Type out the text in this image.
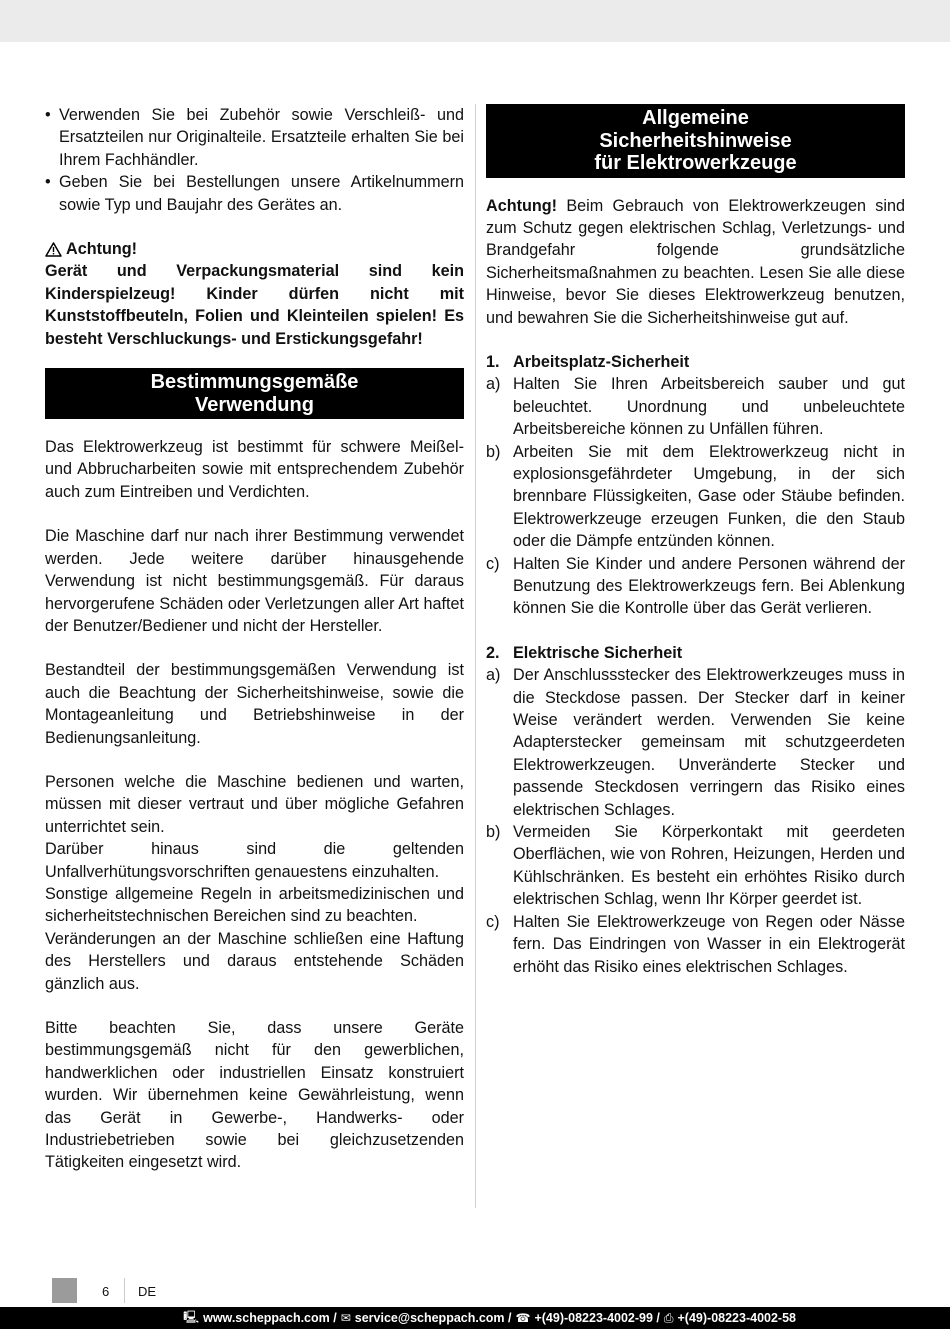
• Verwenden Sie bei Zubehör sowie Verschleiß- und Ersatzteilen nur Originalteile. Ersatzteile erhalten Sie bei Ihrem Fachhändler.
• Geben Sie bei Bestellungen unsere Artikelnummern sowie Typ und Baujahr des Gerätes an.
Achtung!
Gerät und Verpackungsmaterial sind kein Kinderspielzeug! Kinder dürfen nicht mit Kunststoffbeuteln, Folien und Kleinteilen spielen! Es besteht Verschluckungs- und Erstickungsgefahr!
Bestimmungsgemäße
Verwendung

Das Elektrowerkzeug ist bestimmt für schwere Meißel- und Abbrucharbeiten sowie mit entsprechendem Zubehör auch zum Eintreiben und Verdichten.

Die Maschine darf nur nach ihrer Bestimmung verwendet werden. Jede weitere darüber hinausgehende Verwendung ist nicht bestimmungsgemäß. Für daraus hervorgerufene Schäden oder Verletzungen aller Art haftet der Benutzer/Bediener und nicht der Hersteller.

Bestandteil der bestimmungsgemäßen Verwendung ist auch die Beachtung der Sicherheitshinweise, sowie die Montageanleitung und Betriebshinweise in der Bedienungsanleitung.

Personen welche die Maschine bedienen und warten, müssen mit dieser vertraut und über mögliche Gefahren unterrichtet sein.

Darüber hinaus sind die geltenden Unfallverhütungsvorschriften genauestens einzuhalten.

Sonstige allgemeine Regeln in arbeitsmedizinischen und sicherheitstechnischen Bereichen sind zu beachten.

Veränderungen an der Maschine schließen eine Haftung des Herstellers und daraus entstehende Schäden gänzlich aus.

Bitte beachten Sie, dass unsere Geräte bestimmungsgemäß nicht für den gewerblichen, handwerklichen oder industriellen Einsatz konstruiert wurden. Wir übernehmen keine Gewährleistung, wenn das Gerät in Gewerbe-, Handwerks- oder Industriebetrieben sowie bei gleichzusetzenden Tätigkeiten eingesetzt wird.

Allgemeine
Sicherheitshinweise
für Elektrowerkzeuge

Achtung! Beim Gebrauch von Elektrowerkzeugen sind zum Schutz gegen elektrischen Schlag, Verletzungs- und Brandgefahr folgende grundsätzliche Sicherheitsmaßnahmen zu beachten. Lesen Sie alle diese Hinweise, bevor Sie dieses Elektrowerkzeug benutzen, und bewahren Sie die Sicherheitshinweise gut auf.

1. Arbeitsplatz-Sicherheit
a) Halten Sie Ihren Arbeitsbereich sauber und gut beleuchtet. Unordnung und unbeleuchtete Arbeitsbereiche können zu Unfällen führen.
b) Arbeiten Sie mit dem Elektrowerkzeug nicht in explosionsgefährdeter Umgebung, in der sich brennbare Flüssigkeiten, Gase oder Stäube befinden. Elektrowerkzeuge erzeugen Funken, die den Staub oder die Dämpfe entzünden können.
c) Halten Sie Kinder und andere Personen während der Benutzung des Elektrowerkzeugs fern. Bei Ablenkung können Sie die Kontrolle über das Gerät verlieren.
2. Elektrische Sicherheit
a) Der Anschlussstecker des Elektrowerkzeuges muss in die Steckdose passen. Der Stecker darf in keiner Weise verändert werden. Verwenden Sie keine Adapterstecker gemeinsam mit schutzgeerdeten Elektrowerkzeugen. Unveränderte Stecker und passende Steckdosen verringern das Risiko eines elektrischen Schlages.
b) Vermeiden Sie Körperkontakt mit geerdeten Oberflächen, wie von Rohren, Heizungen, Herden und Kühlschränken. Es besteht ein erhöhtes Risiko durch elektrischen Schlag, wenn Ihr Körper geerdet ist.
c) Halten Sie Elektrowerkzeuge von Regen oder Nässe fern. Das Eindringen von Wasser in ein Elektrogerät erhöht das Risiko eines elektrischen Schlages.
6 DE
🖳︎ www.scheppach.com / ✉︎ service@scheppach.com / ☎︎ +(49)-08223-4002-99 / ⎙ +(49)-08223-4002-58
